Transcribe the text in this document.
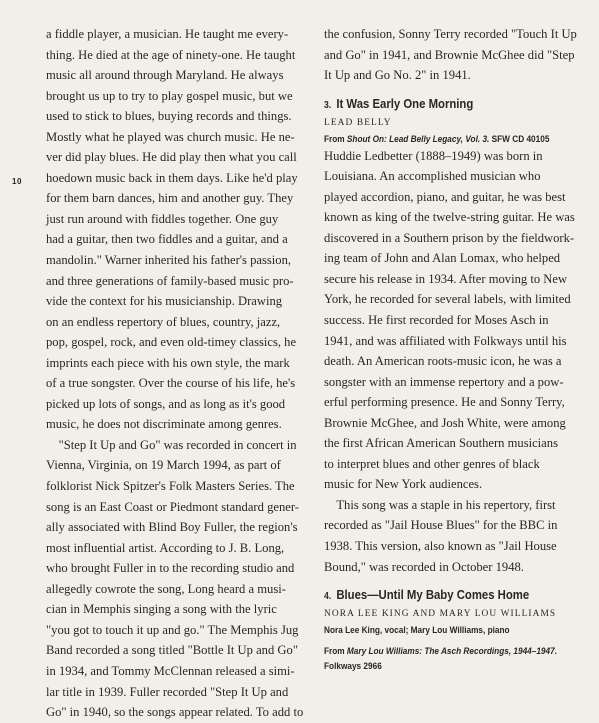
10
a fiddle player, a musician. He taught me every-
thing. He died at the age of ninety-one. He taught
music all around through Maryland. He always
brought us up to try to play gospel music, but we
used to stick to blues, buying records and things.
Mostly what he played was church music. He ne-
ver did play blues. He did play then what you call
hoedown music back in them days. Like he'd play
for them barn dances, him and another guy. They
just run around with fiddles together. One guy
had a guitar, then two fiddles and a guitar, and a
mandolin." Warner inherited his father's passion,
and three generations of family-based music pro-
vide the context for his musicianship. Drawing
on an endless repertory of blues, country, jazz,
pop, gospel, rock, and even old-timey classics, he
imprints each piece with his own style, the mark
of a true songster. Over the course of his life, he's
picked up lots of songs, and as long as it's good
music, he does not discriminate among genres.
"Step It Up and Go" was recorded in concert in
Vienna, Virginia, on 19 March 1994, as part of
folklorist Nick Spitzer's Folk Masters Series. The
song is an East Coast or Piedmont standard gener-
ally associated with Blind Boy Fuller, the region's
most influential artist. According to J. B. Long,
who brought Fuller in to the recording studio and
allegedly cowrote the song, Long heard a musi-
cian in Memphis singing a song with the lyric
"you got to touch it up and go." The Memphis Jug
Band recorded a song titled "Bottle It Up and Go"
in 1934, and Tommy McClennan released a simi-
lar title in 1939. Fuller recorded "Step It Up and
Go" in 1940, so the songs appear related. To add to
the confusion, Sonny Terry recorded "Touch It Up
and Go" in 1941, and Brownie McGhee did "Step
It Up and Go No. 2" in 1941.
3. It Was Early One Morning
LEAD BELLY
From Shout On: Lead Belly Legacy, Vol. 3. SFW CD 40105
Huddie Ledbetter (1888–1949) was born in
Louisiana. An accomplished musician who
played accordion, piano, and guitar, he was best
known as king of the twelve-string guitar. He was
discovered in a Southern prison by the fieldwork-
ing team of John and Alan Lomax, who helped
secure his release in 1934. After moving to New
York, he recorded for several labels, with limited
success. He first recorded for Moses Asch in
1941, and was affiliated with Folkways until his
death. An American roots-music icon, he was a
songster with an immense repertory and a pow-
erful performing presence. He and Sonny Terry,
Brownie McGhee, and Josh White, were among
the first African American Southern musicians
to interpret blues and other genres of black
music for New York audiences.
This song was a staple in his repertory, first
recorded as "Jail House Blues" for the BBC in
1938. This version, also known as "Jail House
Bound," was recorded in October 1948.
4. Blues—Until My Baby Comes Home
NORA LEE KING AND MARY LOU WILLIAMS
Nora Lee King, vocal; Mary Lou Williams, piano
From Mary Lou Williams: The Asch Recordings, 1944–1947.
Folkways 2966
